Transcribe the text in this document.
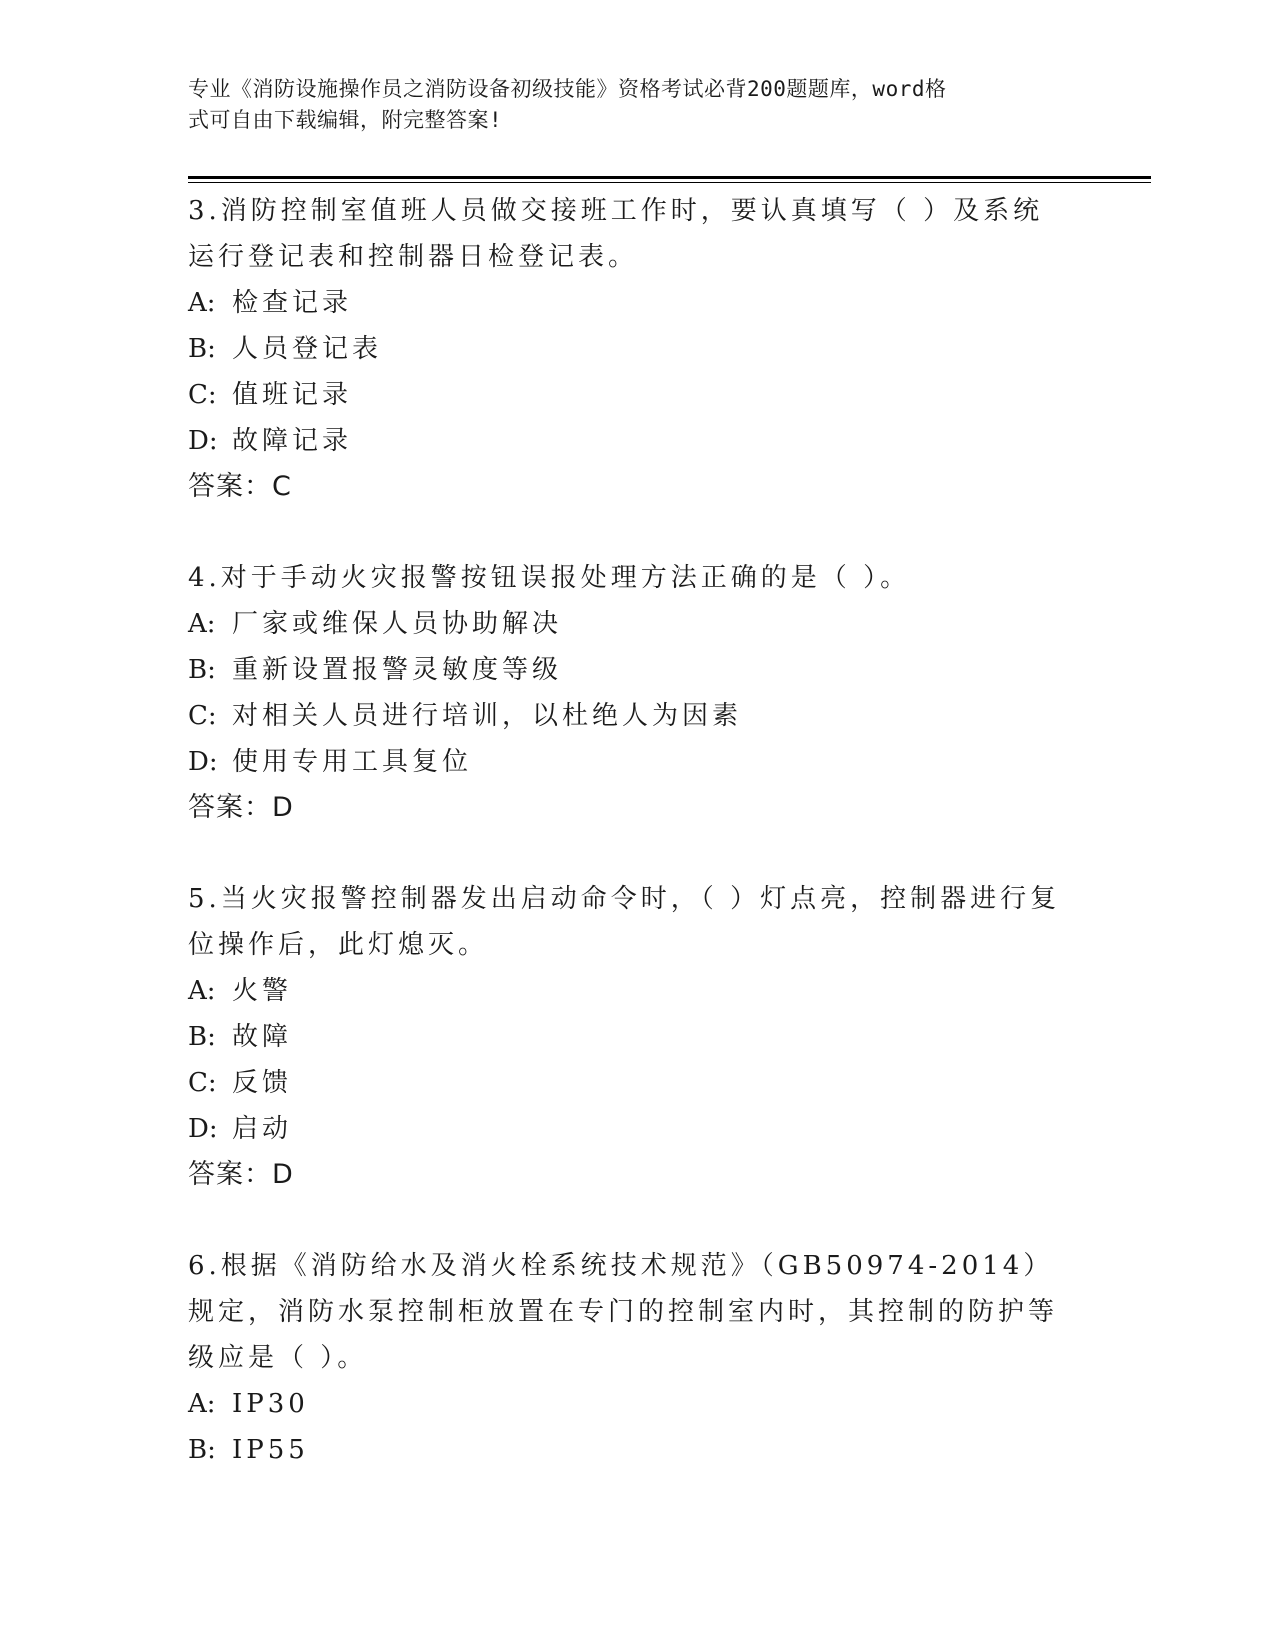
专业《消防设施操作员之消防设备初级技能》资格考试必背200题题库，word格
式可自由下载编辑，附完整答案!
3.消防控制室值班人员做交接班工作时，要认真填写（ ）及系统运行登记表和控制器日检登记表。
A: 检查记录
B: 人员登记表
C: 值班记录
D: 故障记录
答案：C
4.对于手动火灾报警按钮误报处理方法正确的是（ ）。
A: 厂家或维保人员协助解决
B: 重新设置报警灵敏度等级
C: 对相关人员进行培训，以杜绝人为因素
D: 使用专用工具复位
答案：D
5.当火灾报警控制器发出启动命令时，（ ）灯点亮，控制器进行复位操作后，此灯熄灭。
A: 火警
B: 故障
C: 反馈
D: 启动
答案：D
6.根据《消防给水及消火栓系统技术规范》（GB50974-2014）规定，消防水泵控制柜放置在专门的控制室内时，其控制的防护等级应是（ ）。
A: IP30
B: IP55
